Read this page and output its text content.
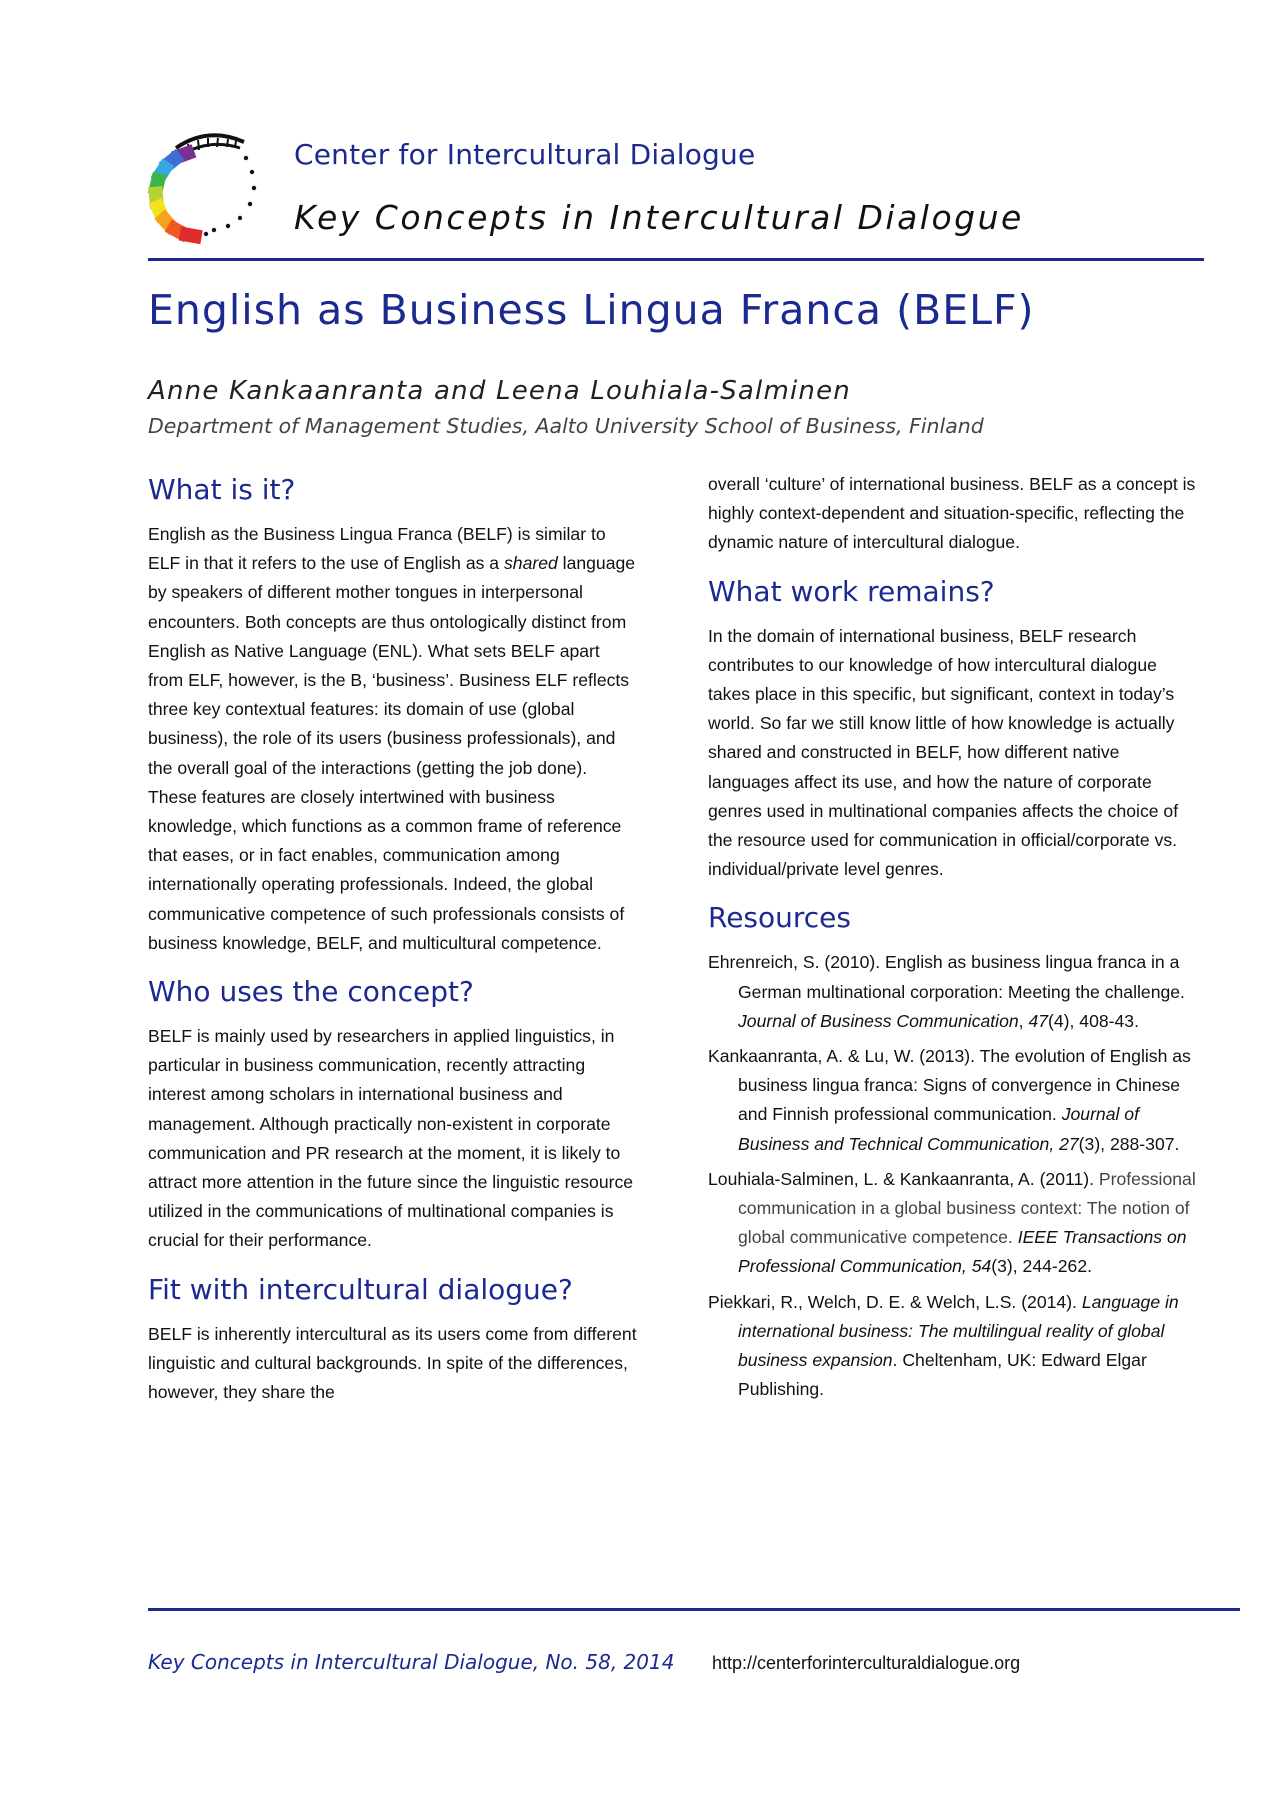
Center for Intercultural Dialogue
Key Concepts in Intercultural Dialogue
English as Business Lingua Franca (BELF)
Anne Kankaanranta and Leena Louhiala-Salminen
Department of Management Studies, Aalto University School of Business, Finland
What is it?

English as the Business Lingua Franca (BELF) is similar to ELF in that it refers to the use of English as a shared language by speakers of different mother tongues in interpersonal encounters. Both concepts are thus ontologically distinct from English as Native Language (ENL). What sets BELF apart from ELF, however, is the B, ‘business’. Business ELF reflects three key contextual features: its domain of use (global business), the role of its users (business professionals), and the overall goal of the interactions (getting the job done). These features are closely intertwined with business knowledge, which functions as a common frame of reference that eases, or in fact enables, communication among internationally operating professionals. Indeed, the global communicative competence of such professionals consists of business knowledge, BELF, and multicultural competence.

Who uses the concept?

BELF is mainly used by researchers in applied linguistics, in particular in business communication, recently attracting interest among scholars in international business and management. Although practically non-existent in corporate communication and PR research at the moment, it is likely to attract more attention in the future since the linguistic resource utilized in the communications of multinational companies is crucial for their performance.

Fit with intercultural dialogue?

BELF is inherently intercultural as its users come from different linguistic and cultural backgrounds. In spite of the differences, however, they share the

overall ‘culture’ of international business. BELF as a concept is highly context-dependent and situation-specific, reflecting the dynamic nature of intercultural dialogue.

What work remains?

In the domain of international business, BELF research contributes to our knowledge of how intercultural dialogue takes place in this specific, but significant, context in today’s world. So far we still know little of how knowledge is actually shared and constructed in BELF, how different native languages affect its use, and how the nature of corporate genres used in multinational companies affects the choice of the resource used for communication in official/corporate vs. individual/private level genres.

Resources

Ehrenreich, S. (2010). English as business lingua franca in a German multinational corporation: Meeting the challenge. Journal of Business Communication, 47(4), 408-43.

Kankaanranta, A. & Lu, W. (2013). The evolution of English as business lingua franca: Signs of convergence in Chinese and Finnish professional communication. Journal of Business and Technical Communication, 27(3), 288-307.

Louhiala-Salminen, L. & Kankaanranta, A. (2011). Professional communication in a global business context: The notion of global communicative competence. IEEE Transactions on Professional Communication, 54(3), 244-262.

Piekkari, R., Welch, D. E. & Welch, L.S. (2014). Language in international business: The multilingual reality of global business expansion. Cheltenham, UK: Edward Elgar Publishing.

Key Concepts in Intercultural Dialogue, No. 58, 2014 http://centerforinterculturaldialogue.org
